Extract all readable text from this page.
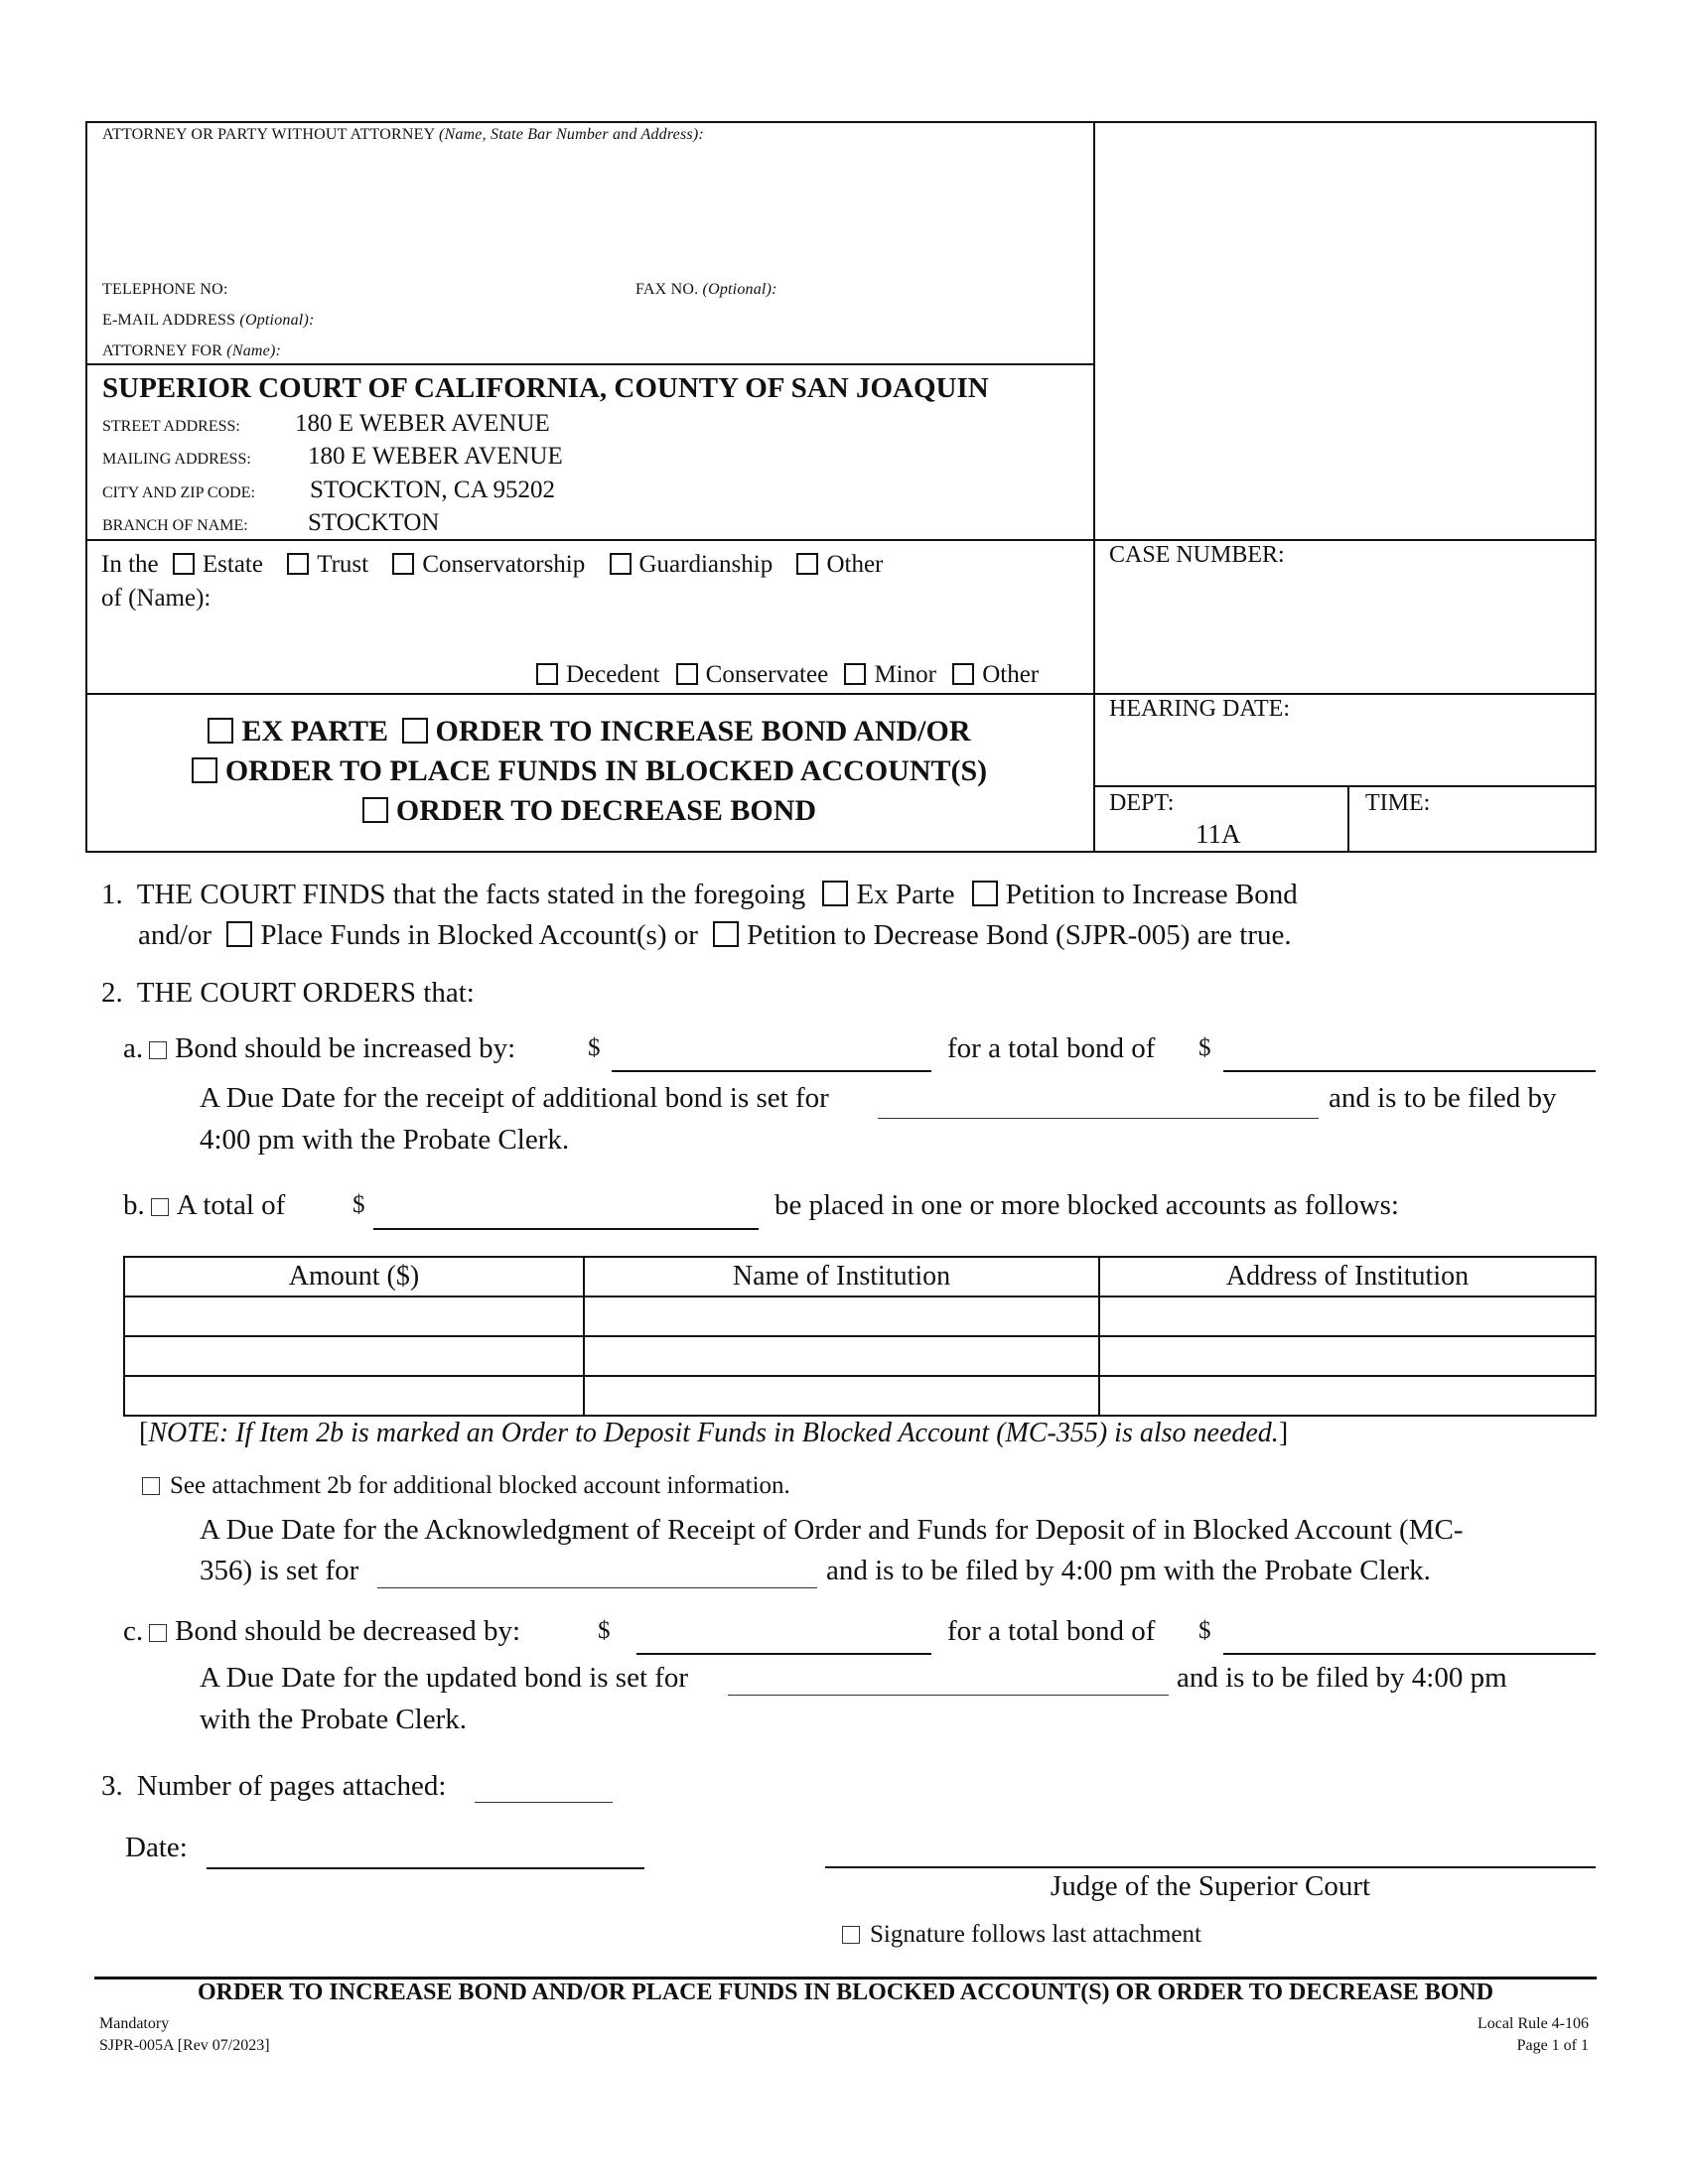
ATTORNEY OR PARTY WITHOUT ATTORNEY (Name, State Bar Number and Address):
TELEPHONE NO:	FAX NO. (Optional):
E-MAIL ADDRESS (Optional):
ATTORNEY FOR (Name):
SUPERIOR COURT OF CALIFORNIA, COUNTY OF SAN JOAQUIN
STREET ADDRESS: 180 E WEBER AVENUE
MAILING ADDRESS: 180 E WEBER AVENUE
CITY AND ZIP CODE: STOCKTON, CA 95202
BRANCH OF NAME: STOCKTON
In the Estate Trust Conservatorship Guardianship Other
of (Name):
Decedent Conservatee Minor Other
CASE NUMBER:
HEARING DATE:
DEPT:
11A
TIME:
EX PARTE ORDER TO INCREASE BOND AND/OR
ORDER TO PLACE FUNDS IN BLOCKED ACCOUNT(S)
ORDER TO DECREASE BOND
1. THE COURT FINDS that the facts stated in the foregoing Ex Parte Petition to Increase Bond
and/or Place Funds in Blocked Account(s) or Petition to Decrease Bond (SJPR-005) are true.
2. THE COURT ORDERS that:
a. Bond should be increased by:	$	for a total bond of $
A Due Date for the receipt of additional bond is set for	and is to be filed by
4:00 pm with the Probate Clerk.
b. A total of	$	be placed in one or more blocked accounts as follows:
Amount ($)	Name of Institution	Address of Institution

[NOTE: If Item 2b is marked an Order to Deposit Funds in Blocked Account (MC-355) is also needed.]
See attachment 2b for additional blocked account information.
A Due Date for the Acknowledgment of Receipt of Order and Funds for Deposit of in Blocked Account (MC-
356) is set for	and is to be filed by 4:00 pm with the Probate Clerk.
c. Bond should be decreased by:	$	for a total bond of $
A Due Date for the updated bond is set for	and is to be filed by 4:00 pm
with the Probate Clerk.
3. Number of pages attached:
Date:
Judge of the Superior Court
Signature follows last attachment
ORDER TO INCREASE BOND AND/OR PLACE FUNDS IN BLOCKED ACCOUNT(S) OR ORDER TO DECREASE BOND
Mandatory
SJPR-005A [Rev 07/2023]
Local Rule 4-106
Page 1 of 1
